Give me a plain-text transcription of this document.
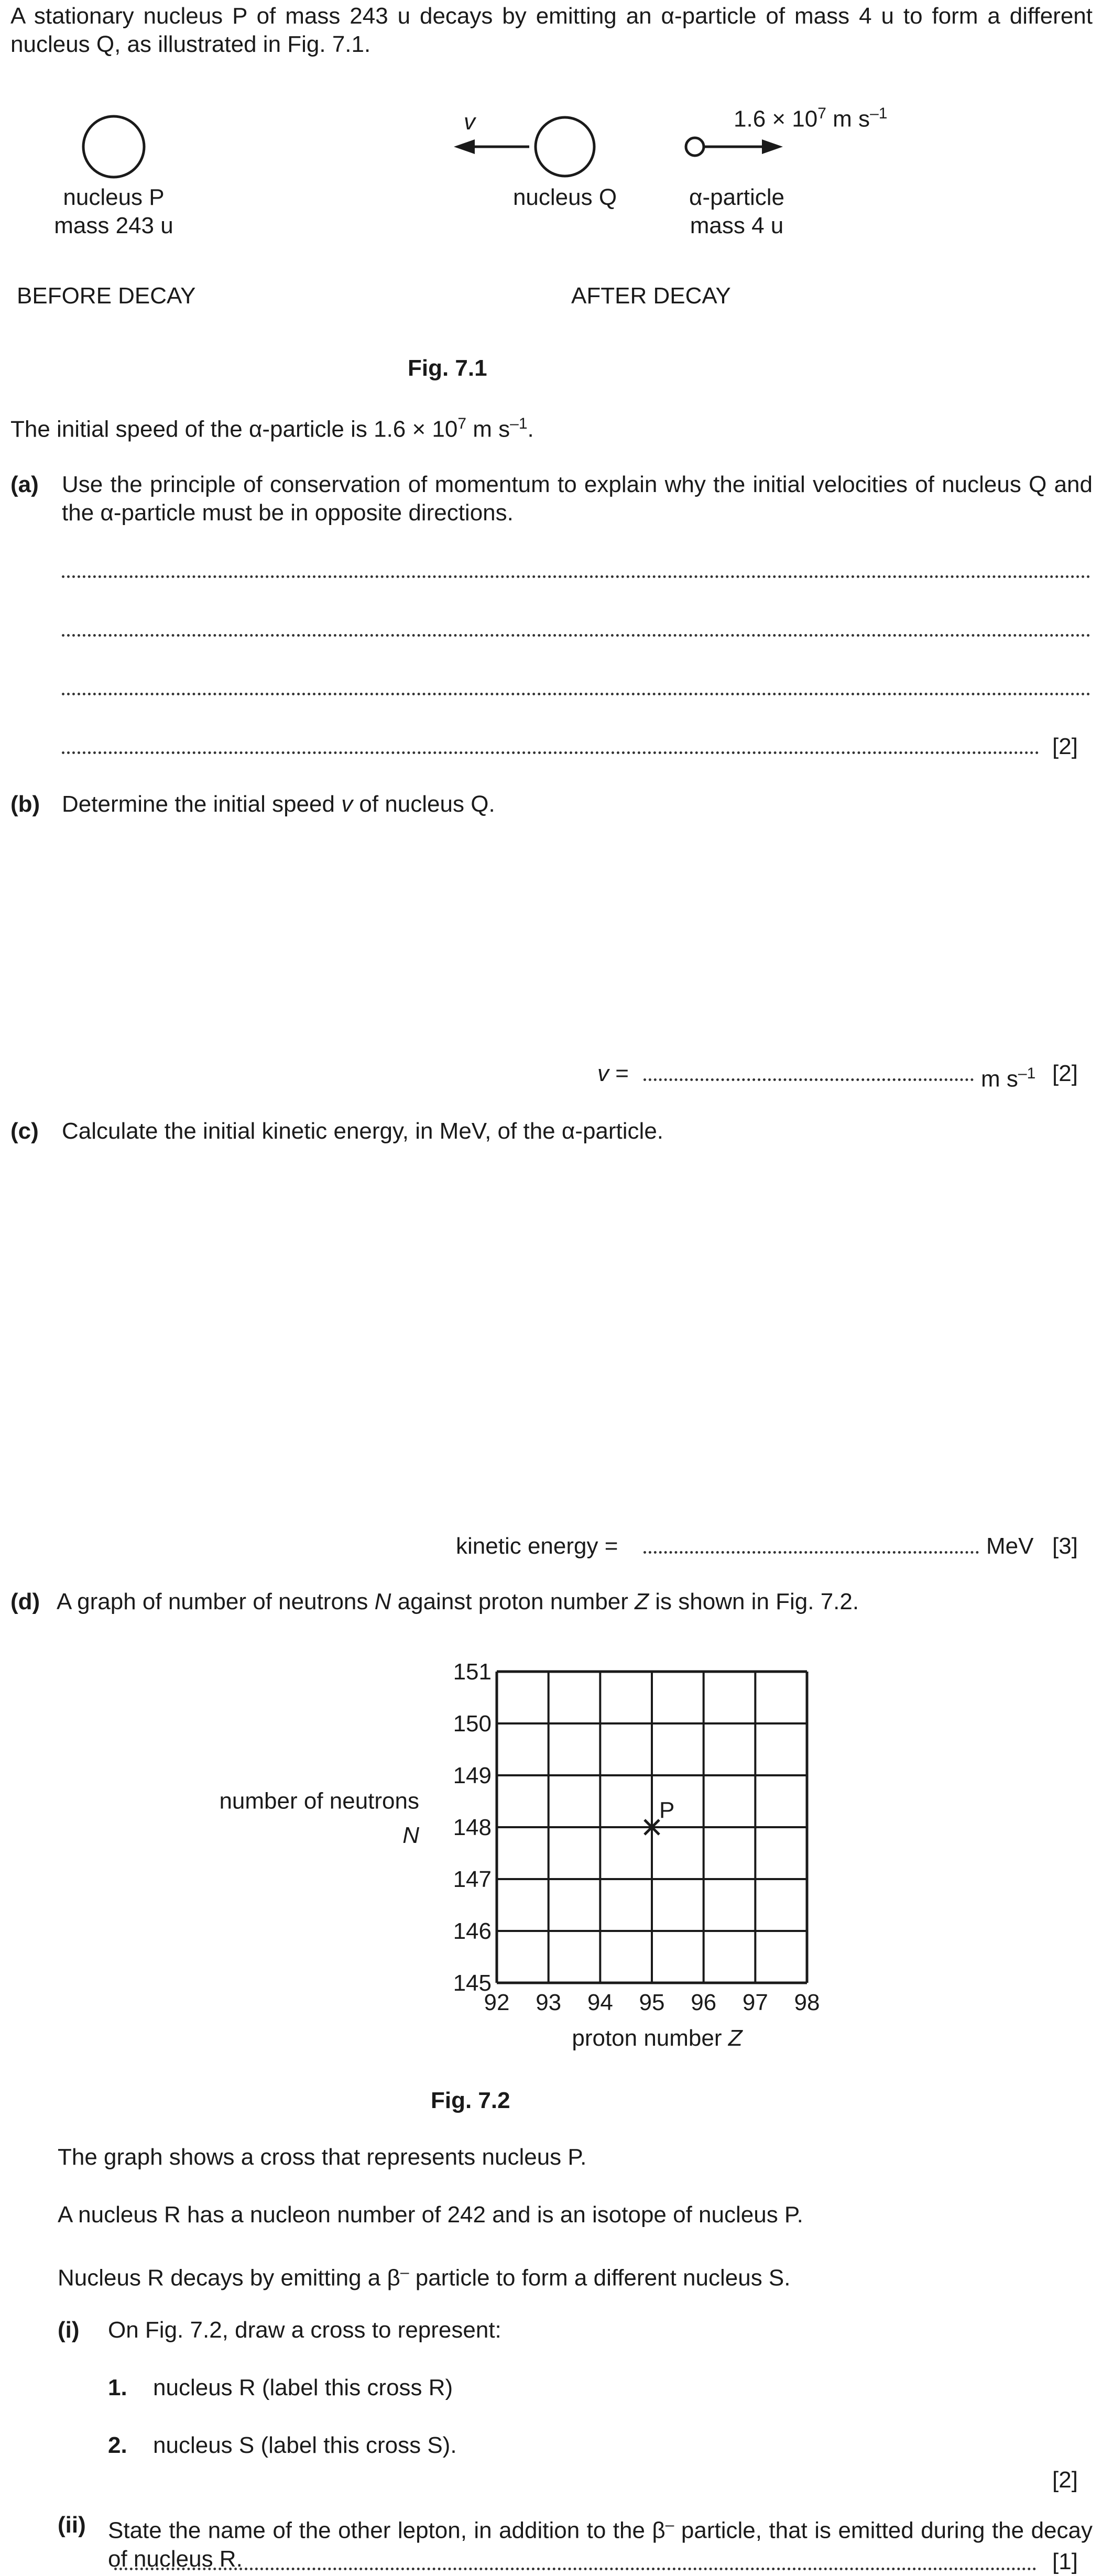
A stationary nucleus P of mass 243 u decays by emitting an α-particle of mass 4 u to form a different nucleus Q, as illustrated in Fig. 7.1.
v	$1.6 \times 10^7$ m $s^{-1}$
nucleus P
mass 243 u
nucleus Q	α-particle
mass 4 u
BEFORE DECAY	AFTER DECAY
Fig. 7.1
The initial speed of the α-particle is $1.6 \times 10^7$ m $s^{-1}$.
(a) Use the principle of conservation of momentum to explain why the initial velocities of nucleus Q and the α-particle must be in opposite directions.
[2]
(b) Determine the initial speed v of nucleus Q.
v =	m $s^{-1}$ [2]
(c) Calculate the initial kinetic energy, in MeV, of the α-particle.
kinetic energy =	MeV [3]
(d) A graph of number of neutrons N against proton number Z is shown in Fig. 7.2.
92 93 94 95 96 97 98
145
146
147
148
149
150
151
proton number Z
number of neutrons
N
P
Fig. 7.2
The graph shows a cross that represents nucleus P.
A nucleus R has a nucleon number of 242 and is an isotope of nucleus P.
Nucleus R decays by emitting a β– particle to form a different nucleus S.
(i) On Fig. 7.2, draw a cross to represent:
1. nucleus R (label this cross R)
2. nucleus S (label this cross S).
[2]
(ii) State the name of the other lepton, in addition to the β– particle, that is emitted during the decay of nucleus R.	[1]
